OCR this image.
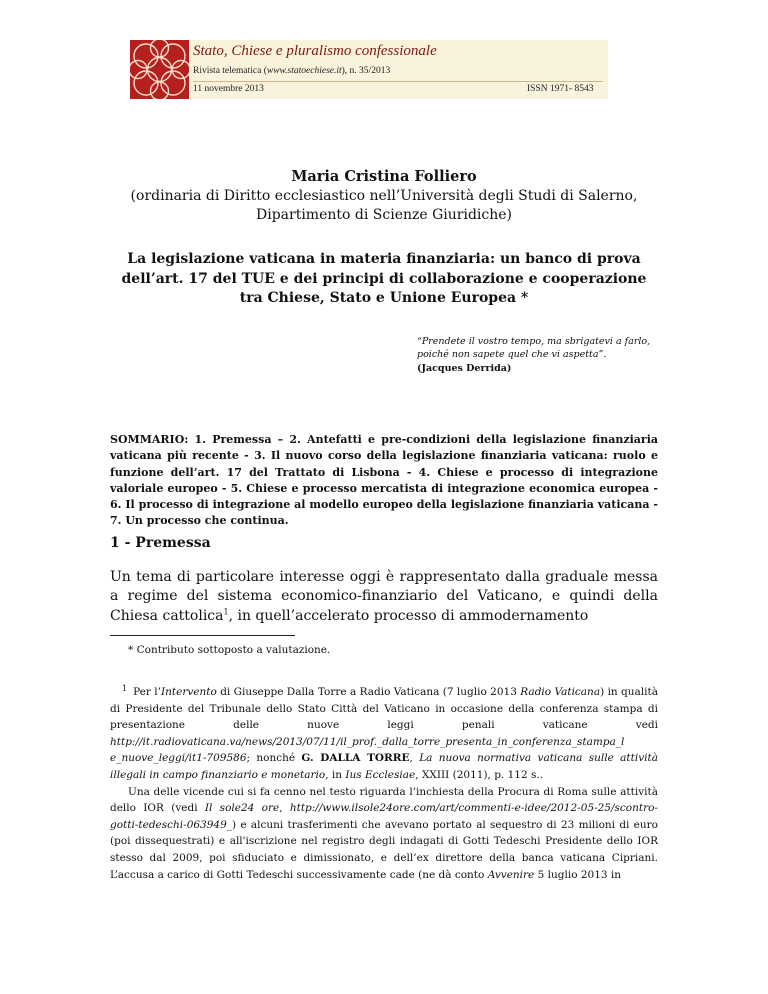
Stato, Chiese e pluralismo confessionale
Rivista telematica (www.statoechiese.it), n. 35/2013
11 novembre 2013	ISSN 1971- 8543
Maria Cristina Folliero
(ordinaria di Diritto ecclesiastico nell’Università degli Studi di Salerno,
Dipartimento di Scienze Giuridiche)
La legislazione vaticana in materia finanziaria: un banco di prova
dell’art. 17 del TUE e dei principi di collaborazione e cooperazione
tra Chiese, Stato e Unione Europea *
“Prendete il vostro tempo, ma sbrigatevi a farlo,
poiché non sapete quel che vi aspetta”.
(Jacques Derrida)
SOMMARIO: 1. Premessa – 2. Antefatti e pre-condizioni della legislazione finanziaria vaticana più recente - 3. Il nuovo corso della legislazione finanziaria vaticana: ruolo e funzione dell’art. 17 del Trattato di Lisbona - 4. Chiese e processo di integrazione valoriale europeo - 5. Chiese e processo mercatista di integrazione economica europea - 6. Il processo di integrazione al modello europeo della legislazione finanziaria vaticana - 7. Un processo che continua.
1 - Premessa
Un tema di particolare interesse oggi è rappresentato dalla graduale messa a regime del sistema economico-finanziario del Vaticano, e quindi della Chiesa cattolica$^1$, in quell’accelerato processo di ammodernamento
* Contributo sottoposto a valutazione.

$^1$ Per l’Intervento di Giuseppe Dalla Torre a Radio Vaticana (7 luglio 2013 Radio Vaticana) in qualità di Presidente del Tribunale dello Stato Città del Vaticano in occasione della conferenza stampa di presentazione delle nuove leggi penali vaticane vedi http://it.radiovaticana.va/news/2013/07/11/il_prof._dalla_torre_presenta_in_conferenza_stampa_l e_nuove_leggi/it1-709586; nonché G. DALLA TORRE, La nuova normativa vaticana sulle attività illegali in campo finanziario e monetario, in Ius Ecclesiae, XXIII (2011), p. 112 s..

Una delle vicende cui si fa cenno nel testo riguarda l’inchiesta della Procura di Roma sulle attività dello IOR (vedi Il sole24 ore, http://www.ilsole24ore.com/art/commenti-e-idee/2012-05-25/scontro-gotti-tedeschi-063949_) e alcuni trasferimenti che avevano portato al sequestro di 23 milioni di euro (poi dissequestrati) e all'iscrizione nel registro degli indagati di Gotti Tedeschi Presidente dello IOR stesso dal 2009, poi sfiduciato e dimissionato, e dell’ex direttore della banca vaticana Cipriani. L’accusa a carico di Gotti Tedeschi successivamente cade (ne dà conto Avvenire 5 luglio 2013 in
